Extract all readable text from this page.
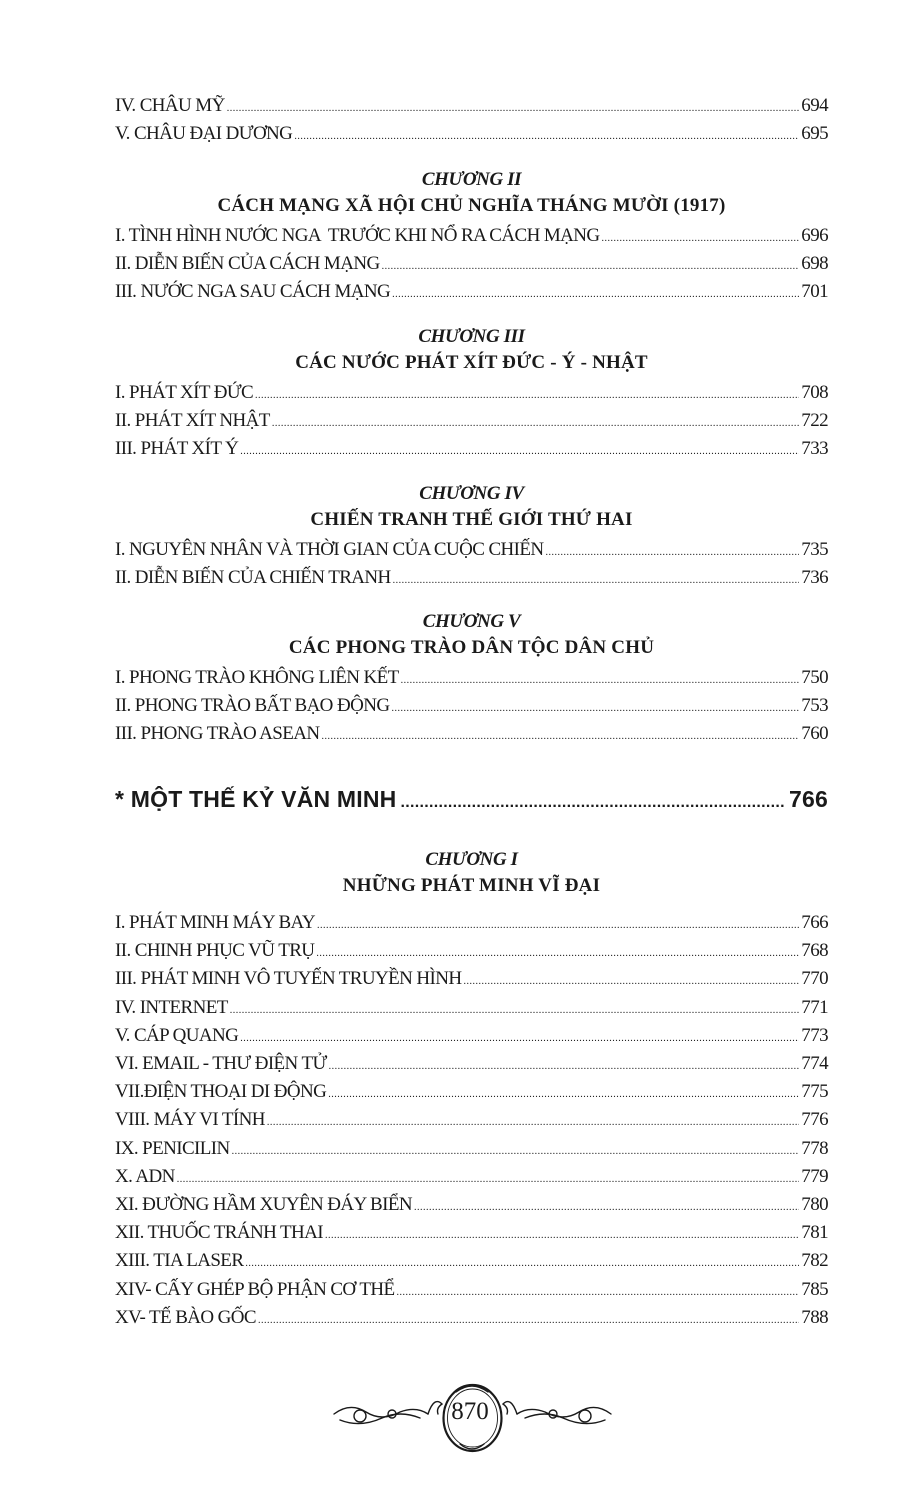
IV. CHÂU MỸ .....	694
V. CHÂU ĐẠI DƯƠNG .....	695
CHƯƠNG II
CÁCH MẠNG XÃ HỘI CHỦ NGHĨA THÁNG MƯỜI (1917)
I. TÌNH HÌNH NƯỚC NGA  TRƯỚC KHI NỔ RA CÁCH MẠNG .....	696
II. DIỄN BIẾN CỦA CÁCH MẠNG .....	698
III. NƯỚC NGA SAU CÁCH MẠNG .....	701
CHƯƠNG III
CÁC NƯỚC PHÁT XÍT ĐỨC - Ý - NHẬT
I. PHÁT XÍT ĐỨC .....	708
II. PHÁT XÍT NHẬT .....	722
III. PHÁT XÍT Ý .....	733
CHƯƠNG IV
CHIẾN TRANH THẾ GIỚI THỨ HAI
I. NGUYÊN NHÂN VÀ THỜI GIAN CỦA CUỘC CHIẾN .....	735
II. DIỄN BIẾN CỦA CHIẾN TRANH .....	736
CHƯƠNG V
CÁC PHONG TRÀO DÂN TỘC DÂN CHỦ
I. PHONG TRÀO KHÔNG LIÊN KẾT .....	750
II. PHONG TRÀO BẤT BẠO ĐỘNG .....	753
III. PHONG TRÀO ASEAN .....	760
* MỘT THẾ KỶ VĂN MINH .....	766
CHƯƠNG I
NHỮNG PHÁT MINH VĨ ĐẠI
I. PHÁT MINH MÁY BAY .....	766
II. CHINH PHỤC VŨ TRỤ .....	768
III. PHÁT MINH VÔ TUYẾN TRUYỀN HÌNH .....	770
IV. INTERNET .....	771
V. CÁP QUANG .....	773
VI. EMAIL - THƯ ĐIỆN TỬ .....	774
VII.ĐIỆN THOẠI DI ĐỘNG .....	775
VIII. MÁY VI TÍNH .....	776
IX. PENICILIN .....	778
X. ADN .....	779
XI. ĐƯỜNG HẦM XUYÊN ĐÁY BIỂN .....	780
XII. THUỐC TRÁNH THAI .....	781
XIII. TIA LASER .....	782
XIV- CẤY GHÉP BỘ PHẬN CƠ THỂ .....	785
XV- TẾ BÀO GỐC .....	788
870
